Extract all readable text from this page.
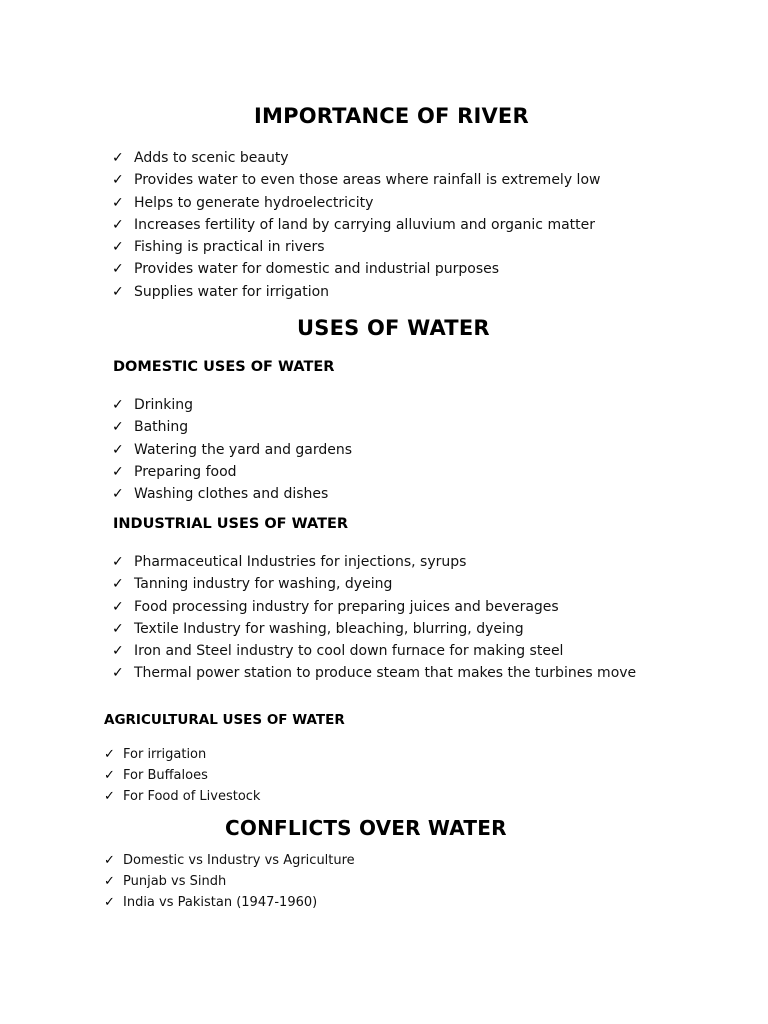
IMPORTANCE OF RIVER
✓ Adds to scenic beauty
✓ Provides water to even those areas where rainfall is extremely low
✓ Helps to generate hydroelectricity
✓ Increases fertility of land by carrying alluvium and organic matter
✓ Fishing is practical in rivers
✓ Provides water for domestic and industrial purposes
✓ Supplies water for irrigation
USES OF WATER
DOMESTIC USES OF WATER
✓ Drinking
✓ Bathing
✓ Watering the yard and gardens
✓ Preparing food
✓ Washing clothes and dishes
INDUSTRIAL USES OF WATER
✓ Pharmaceutical Industries for injections, syrups
✓ Tanning industry for washing, dyeing
✓ Food processing industry for preparing juices and beverages
✓ Textile Industry for washing, bleaching, blurring, dyeing
✓ Iron and Steel industry to cool down furnace for making steel
✓ Thermal power station to produce steam that makes the turbines move
AGRICULTURAL USES OF WATER
✓ For irrigation
✓ For Buffaloes
✓ For Food of Livestock
CONFLICTS OVER WATER
✓ Domestic vs Industry vs Agriculture
✓ Punjab vs Sindh
✓ India vs Pakistan (1947-1960)
